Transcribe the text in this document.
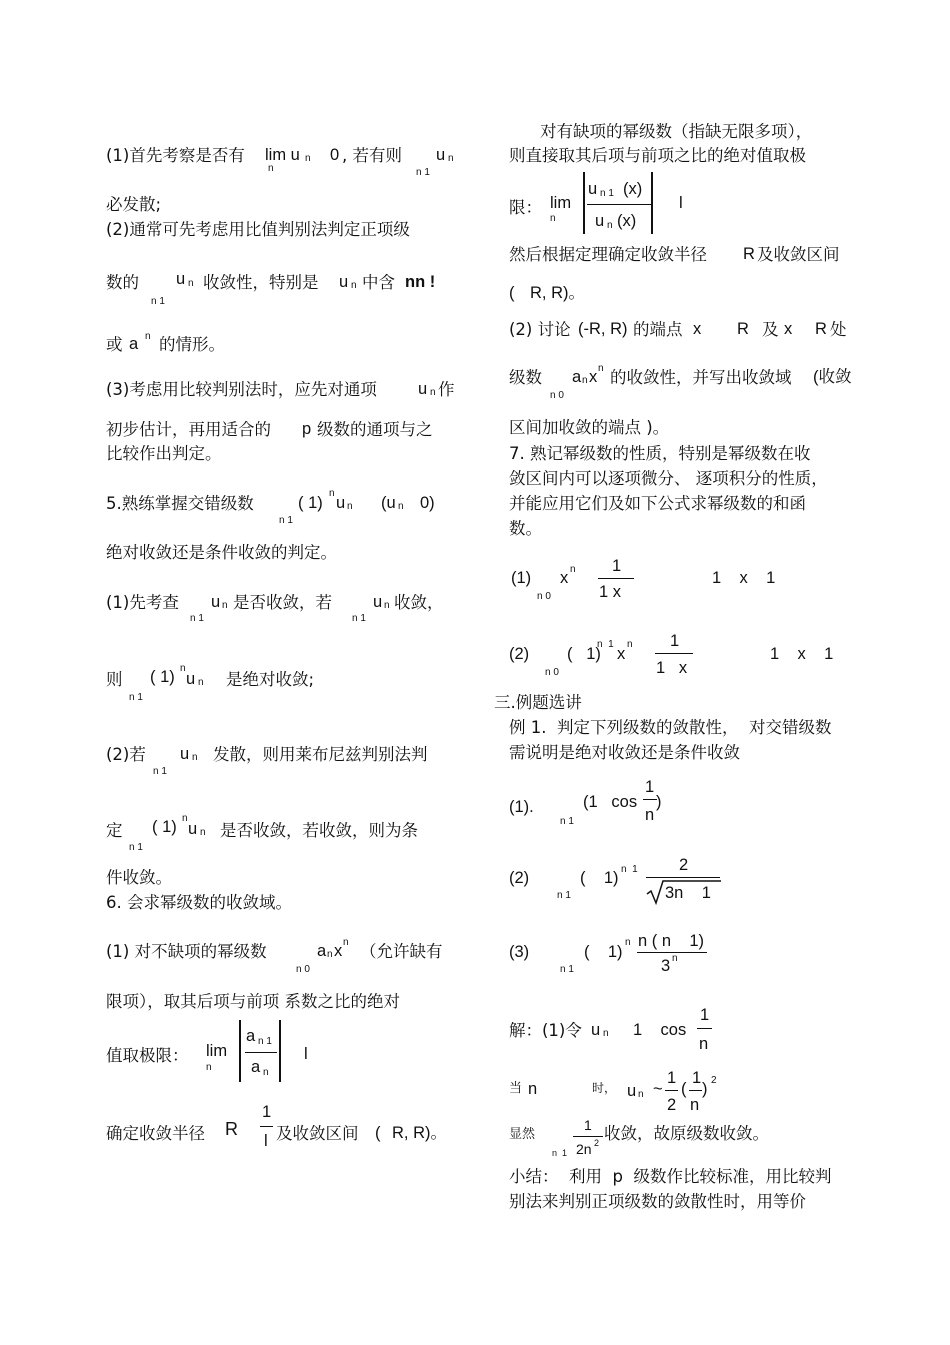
(1)首先考察是否有 lim u
n
n 0 , 若有则 u n
n 1
必发散;
(2)通常可先考虑用比值判别法判定正项级
数的 u n
n 1
收敛性，特别是 u n 中含 nn !
或 a n 的情形。
(3)考虑用比较判别法时，应先对通项 u n 作
初步估计，再用适合的 p 级数的通项与之
比较作出判定。
5.熟练掌握交错级数	( 1)
n
u n
n 1
(u n 0)
绝对收敛还是条件收敛的判定。
(1)先考查 u n
n 1
是否收敛，若 u n
n 1
收敛，
则 ( 1) n
u n
n 1
是绝对收敛;
(2)若 u n
n 1
发散，则用莱布尼兹判别法判
定 ( 1) n
u n
n 1
是否收敛，若收敛，则为条
件收敛。
6. 会求幂级数的收敛域。
(1) 对不缺项的幂级数	a n x n
n 0
（允许缺有
限项），取其后项与前项 系数之比的绝对
值取极限： lim
n
a n 1
a n
l
确定收敛半径 R
1
l 及收敛区间 ( R, R)。
对有缺项的幂级数（指缺无限多项），
则直接取其后项与前项之比的绝对值取极
限： lim
n
u n 1 (x)
u n (x)
l
然后根据定理确定收敛半径 R 及收敛区间
( R, R)。
(2) 讨论 (-R, R) 的端点 x R 及 x R 处
级数 a n x n
n 0
的收敛性，并写出收敛域 (收敛
区间加收敛的端点 )。
7. 熟记幂级数的性质，特别是幂级数在收
敛区间内可以逐项微分、 逐项积分的性质，
并能应用它们及如下公式求幂级数的和函
数。
(1) x n
n 0
1
1 x
1    x    1
(2) (   1)
n  1
x
n
n 0
1
1   x
1    x    1
三.例题选讲
例 1.  判定下列级数的敛散性，  对交错级数
需说明是绝对收敛还是条件收敛
(1).
n 1
(1   cos
1
n
)
(2)
n 1
(    1) n  1	2
3n    1
(3)
n 1
(    1)
n n ( n    1)
3 n
解：(1)令 u n 1    cos
1
n
当 n	时， u n ~
1
2
(
1
n
) 2
显然
n  1
1
2n 2 收敛，故原级数收敛。
小结：  利用  p  级数作比较标准，用比较判
别法来判别正项级数的敛散性时，用等价
